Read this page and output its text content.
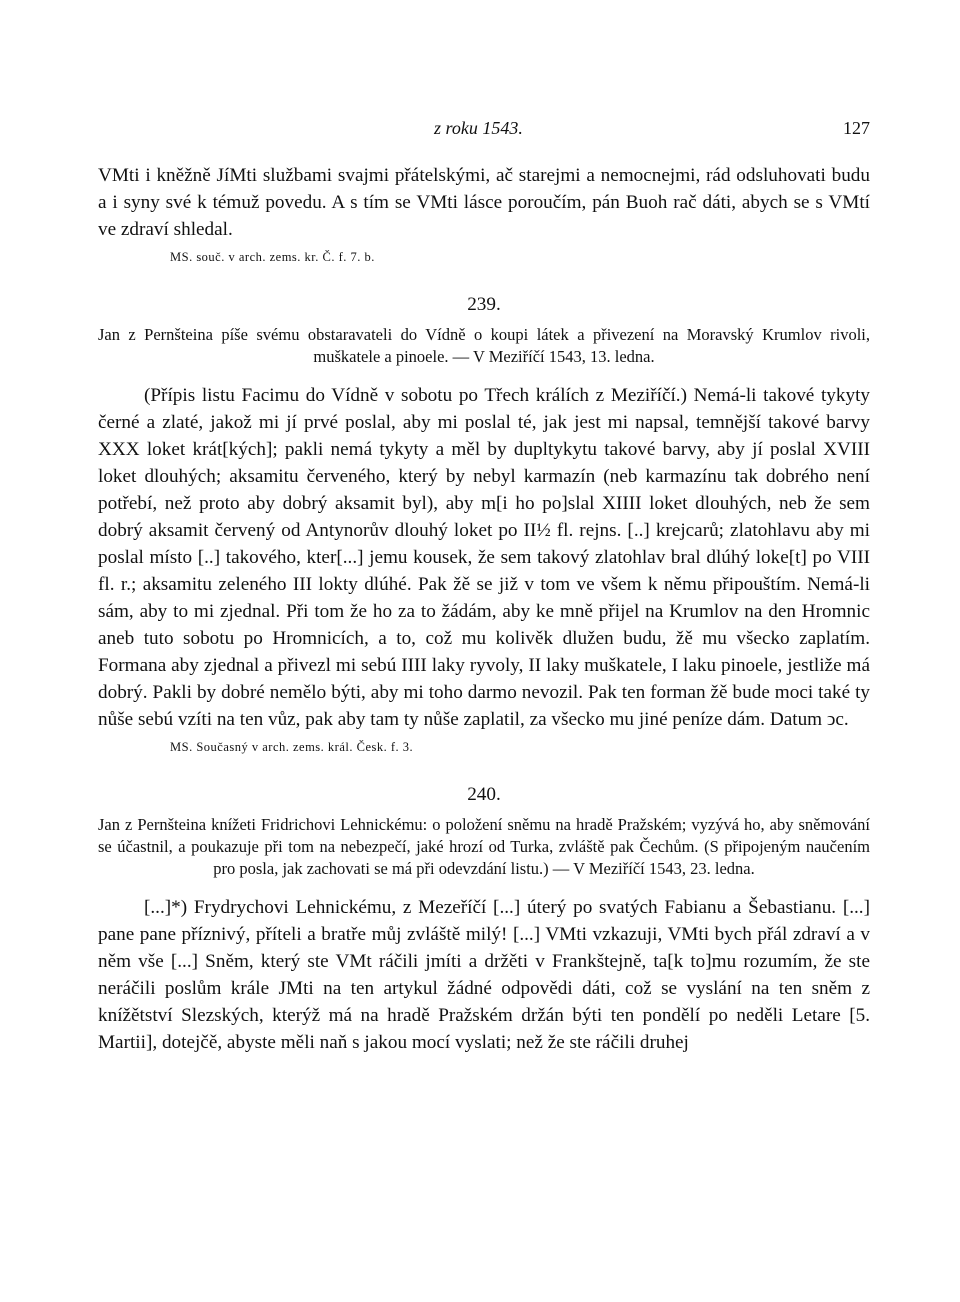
z roku 1543.	127

VMti i kněžně JíMti službami svajmi přátelskými, ač starejmi a nemocnejmi, rád odsluhovati budu a i syny své k témuž povedu. A s tím se VMti lásce poroučím, pán Buoh rač dáti, abych se s VMtí ve zdraví shledal.

MS. souč. v arch. zems. kr. Č. f. 7. b.

239.

Jan z Pernšteina píše svému obstaravateli do Vídně o koupi látek a přivezení na Moravský Krumlov rivoli, muškatele a pinoele. — V Meziříčí 1543, 13. ledna.

(Přípis listu Facimu do Vídně v sobotu po Třech králích z Meziříčí.) Nemá-li takové tykyty černé a zlaté, jakož mi jí prvé poslal, aby mi poslal té, jak jest mi napsal, temnější takové barvy XXX loket krát[kých]; pakli nemá tykyty a měl by dupltykytu takové barvy, aby jí poslal XVIII loket dlouhých; aksamitu červeného, který by nebyl karmazín (neb karmazínu tak dobrého není potřebí, než proto aby dobrý aksamit byl), aby m[i ho po]slal XIIII loket dlouhých, neb že sem dobrý aksamit červený od Antynorův dlouhý loket po II½ fl. rejns. [..] krejcarů; zlatohlavu aby mi poslal místo [..] takového, kter[...] jemu kousek, že sem takový zlatohlav bral dlúhý loke[t] po VIII fl. r.; aksamitu zeleného III lokty dlúhé. Pak žě se již v tom ve všem k němu připouštím. Nemá-li sám, aby to mi zjednal. Při tom že ho za to žádám, aby ke mně přijel na Krumlov na den Hromnic aneb tuto sobotu po Hromnicích, a to, což mu kolivěk dlužen budu, žě mu všecko zaplatím. Formana aby zjednal a přivezl mi sebú IIII laky ryvoly, II laky muškatele, I laku pinoele, jestliže má dobrý. Pakli by dobré nemělo býti, aby mi toho darmo nevozil. Pak ten forman žě bude moci také ty nůše sebú vzíti na ten vůz, pak aby tam ty nůše zaplatil, za všecko mu jiné peníze dám. Datum ͻc.

MS. Současný v arch. zems. král. Česk. f. 3.

240.

Jan z Pernšteina knížeti Fridrichovi Lehnickému: o položení sněmu na hradě Pražském; vyzývá ho, aby sněmování se účastnil, a poukazuje při tom na nebezpečí, jaké hrozí od Turka, zvláště pak Čechům. (S připojeným naučením pro posla, jak zachovati se má při odevzdání listu.) — V Meziříčí 1543, 23. ledna.

[...]*) Frydrychovi Lehnickému, z Mezeříčí [...] úterý po svatých Fabianu a Šebastianu. [...] pane pane příznivý, příteli a bratře můj zvláště milý! [...] VMti vzkazuji, VMti bych přál zdraví a v něm vše [...] Sněm, který ste VMt ráčili jmíti a držěti v Frankštejně, ta[k to]mu rozumím, že ste neráčili poslům krále JMti na ten artykul žádné odpovědi dáti, což se vyslání na ten sněm z knížětství Slezských, kterýž má na hradě Pražském držán býti ten pondělí po neděli Letare [5. Martii], dotejčě, abyste měli naň s jakou mocí vyslati; než že ste ráčili druhej
